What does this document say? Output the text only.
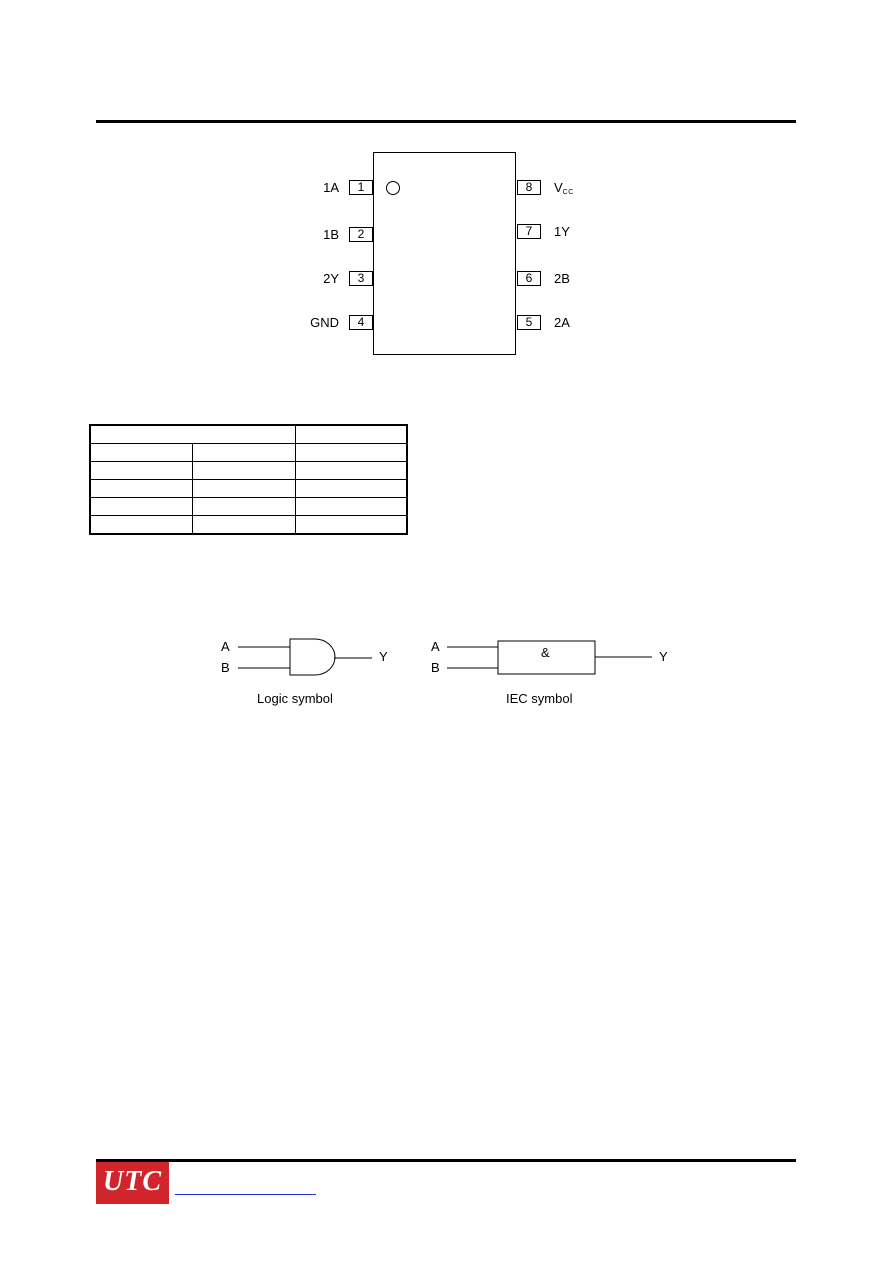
1A	1
1B	2
2Y	3
GND	4
8	$V_{CC}$
7	1Y
6	2B
5	2A

A
B
Y
Logic symbol
A
B
&	Y
IEC symbol
UTC
